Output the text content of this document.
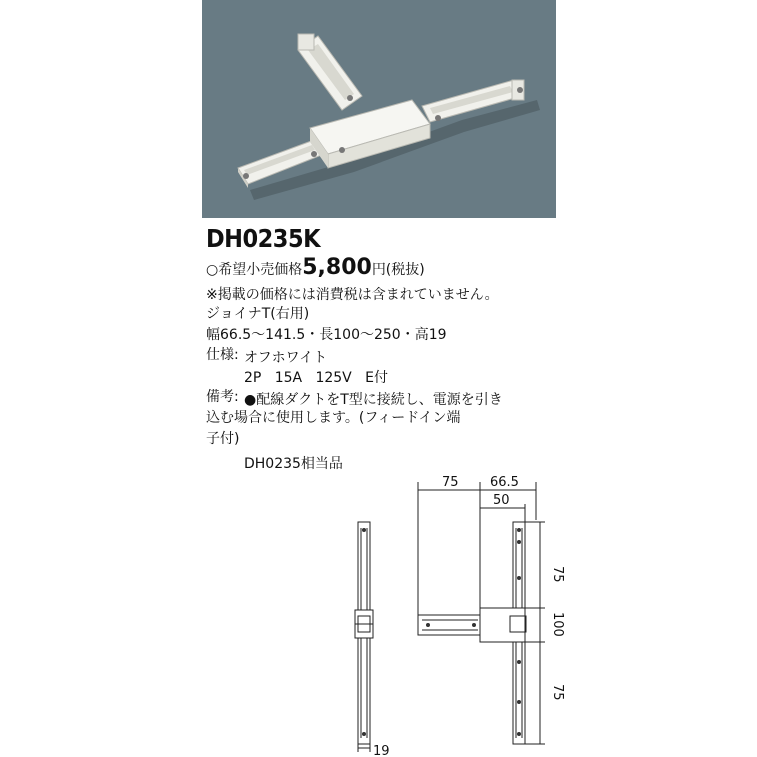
DH0235K
○希望小売価格5,800円(税抜)
※掲載の価格には消費税は含まれていません。
ジョイナT(右用)
幅66.5〜141.5・長100〜250・高19
仕様: オフホワイト
2P   15A   125V   E付
備考: ●配線ダクトをT型に接続し、電源を引き
込む場合に使用します。(フィードイン端
子付)
DH0235相当品
75 66.5
50
75
100
75
19
